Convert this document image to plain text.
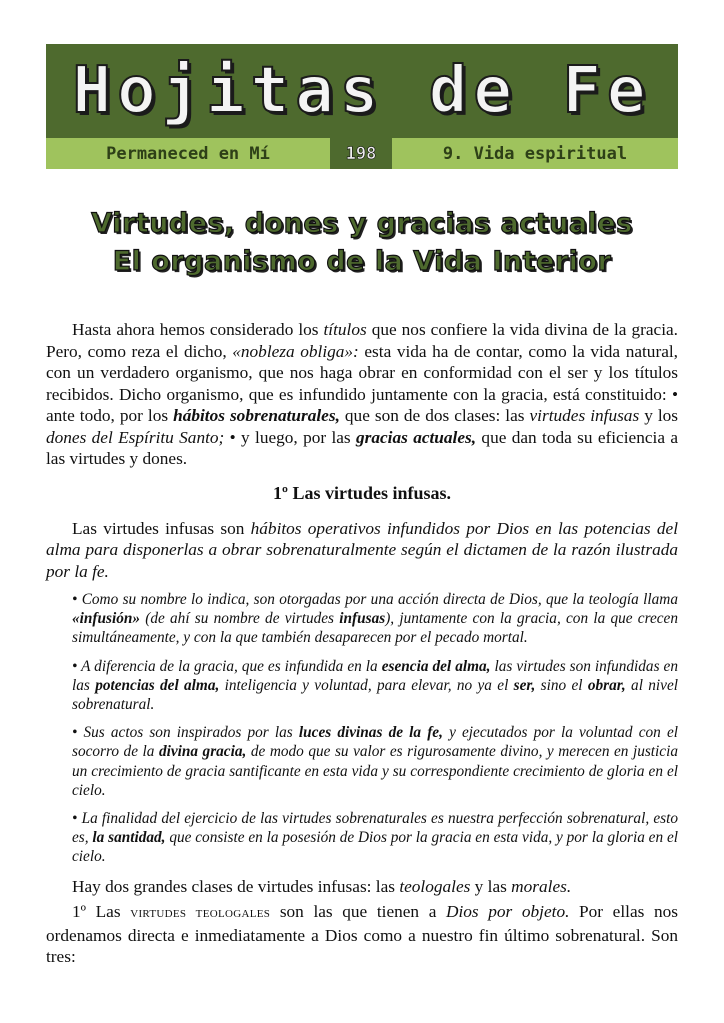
Hojitas de Fe
Permaneced en Mí	198	9. Vida espiritual
Virtudes, dones y gracias actuales
El organismo de la Vida Interior

Hasta ahora hemos considerado los títulos que nos confiere la vida divina de la gracia. Pero, como reza el dicho, «nobleza obliga»: esta vida ha de contar, como la vida natural, con un verdadero organismo, que nos haga obrar en conformidad con el ser y los títulos recibidos. Dicho organismo, que es infundido juntamente con la gracia, está constituido: • ante todo, por los hábitos sobrenaturales, que son de dos clases: las virtudes infusas y los dones del Espíritu Santo; • y luego, por las gracias actuales, que dan toda su eficiencia a las virtudes y dones.

1º Las virtudes infusas.

Las virtudes infusas son hábitos operativos infundidos por Dios en las potencias del alma para disponerlas a obrar sobrenaturalmente según el dictamen de la razón ilustrada por la fe.

• Como su nombre lo indica, son otorgadas por una acción directa de Dios, que la teología llama «infusión» (de ahí su nombre de virtudes infusas), juntamente con la gracia, con la que crecen simultáneamente, y con la que también desaparecen por el pecado mortal.

• A diferencia de la gracia, que es infundida en la esencia del alma, las virtudes son infundidas en las potencias del alma, inteligencia y voluntad, para elevar, no ya el ser, sino el obrar, al nivel sobrenatural.

• Sus actos son inspirados por las luces divinas de la fe, y ejecutados por la voluntad con el socorro de la divina gracia, de modo que su valor es rigurosamente divino, y merecen en justicia un crecimiento de gracia santificante en esta vida y su correspondiente crecimiento de gloria en el cielo.

• La finalidad del ejercicio de las virtudes sobrenaturales es nuestra perfección sobrenatural, esto es, la santidad, que consiste en la posesión de Dios por la gracia en esta vida, y por la gloria en el cielo.

Hay dos grandes clases de virtudes infusas: las teologales y las morales.

1º Las virtudes teologales son las que tienen a Dios por objeto. Por ellas nos ordenamos directa e inmediatamente a Dios como a nuestro fin último sobrenatural. Son tres:
